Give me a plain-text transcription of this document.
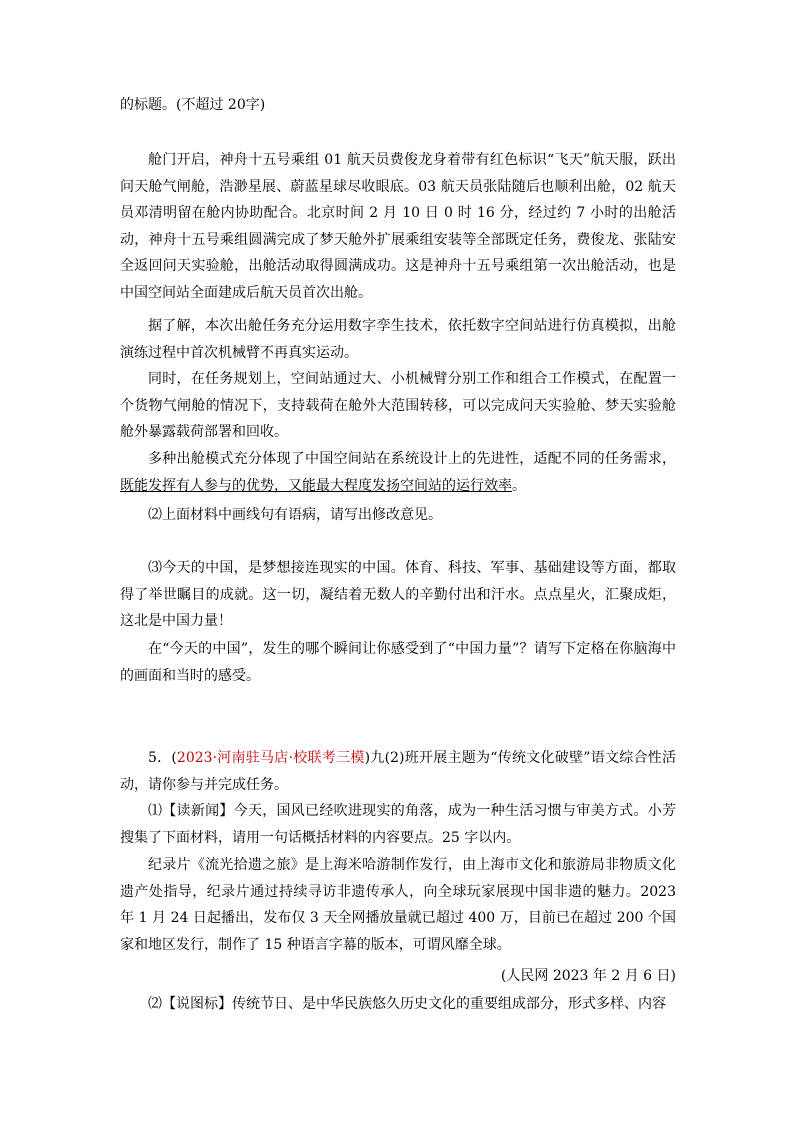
的标题。(不超过 20字)

舱门开启，神舟十五号乘组 01 航天员费俊龙身着带有红色标识“飞天”航天服，跃出问天舱气闸舱，浩渺星展、蔚蓝星球尽收眼底。03 航天员张陆随后也顺利出舱，02 航天员邓清明留在舱内协助配合。北京时间 2 月 10 日 0 时 16 分，经过约 7 小时的出舱活动，神舟十五号乘组圆满完成了梦天舱外扩展乘组安装等全部既定任务，费俊龙、张陆安全返回问天实验舱，出舱活动取得圆满成功。这是神舟十五号乘组第一次出舱活动，也是中国空间站全面建成后航天员首次出舱。

据了解，本次出舱任务充分运用数字孪生技术，依托数字空间站进行仿真模拟，出舱演练过程中首次机械臂不再真实运动。

同时，在任务规划上，空间站通过大、小机械臂分别工作和组合工作模式，在配置一个货物气闸舱的情况下，支持载荷在舱外大范围转移，可以完成问天实验舱、梦天实验舱舱外暴露载荷部署和回收。

多种出舱模式充分体现了中国空间站在系统设计上的先进性，适配不同的任务需求，既能发挥有人参与的优势，又能最大程度发扬空间站的运行效率。

⑵上面材料中画线句有语病，请写出修改意见。

⑶今天的中国，是梦想接连现实的中国。体育、科技、军事、基础建设等方面，都取得了举世瞩目的成就。这一切，凝结着无数人的辛勤付出和汗水。点点星火，汇聚成炬，这北是中国力量！

在“今天的中国”，发生的哪个瞬间让你感受到了“中国力量”？请写下定格在你脑海中的画面和当时的感受。

5．(2023·河南驻马店·校联考三模)九(2)班开展主题为“传统文化破壁”语文综合性活动，请你参与并完成任务。

⑴【读新闻】今天，国风已经吹进现实的角落，成为一种生活习惯与审美方式。小芳搜集了下面材料，请用一句话概括材料的内容要点。25 字以内。

纪录片《流光拾遗之旅》是上海米哈游制作发行，由上海市文化和旅游局非物质文化遗产处指导，纪录片通过持续寻访非遗传承人，向全球玩家展现中国非遗的魅力。2023 年 1 月 24 日起播出，发布仅 3 天全网播放量就已超过 400 万，目前已在超过 200 个国家和地区发行，制作了 15 种语言字幕的版本，可谓风靡全球。

(人民网 2023 年 2 月 6 日)

⑵【说图标】传统节日、是中华民族悠久历史文化的重要组成部分，形式多样、内容
